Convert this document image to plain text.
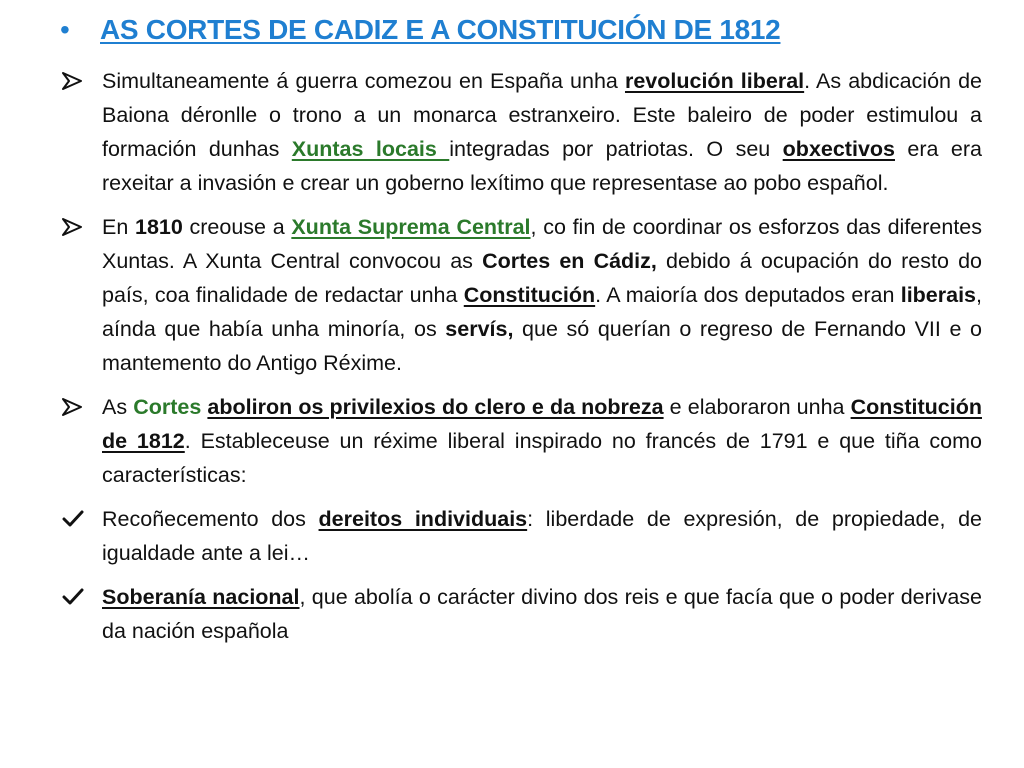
•	AS CORTES DE CADIZ E A CONSTITUCIÓN DE 1812
Simultaneamente á guerra comezou en España unha revolución liberal. As abdicación de Baiona déronlle o trono a un monarca estranxeiro. Este baleiro de poder estimulou a formación dunhas Xuntas locais integradas por patriotas. O seu obxectivos era era rexeitar a invasión e crear un goberno lexítimo que representase ao pobo español.
En 1810 creouse a Xunta Suprema Central, co fin de coordinar os esforzos das diferentes Xuntas. A Xunta Central convocou as Cortes en Cádiz, debido á ocupación do resto do país, coa finalidade de redactar unha Constitución. A maioría dos deputados eran liberais, aínda que había unha minoría, os servís, que só querían o regreso de Fernando VII e o mantemento do Antigo Réxime.
As Cortes aboliron os privilexios do clero e da nobreza e elaboraron unha Constitución de 1812. Estableceuse un réxime liberal inspirado no francés de 1791 e que tiña como características:
Recoñecemento dos dereitos individuais: liberdade de expresión, de propiedade, de igualdade ante a lei…
Soberanía nacional, que abolía o carácter divino dos reis e que facía que o poder derivase da nación española
